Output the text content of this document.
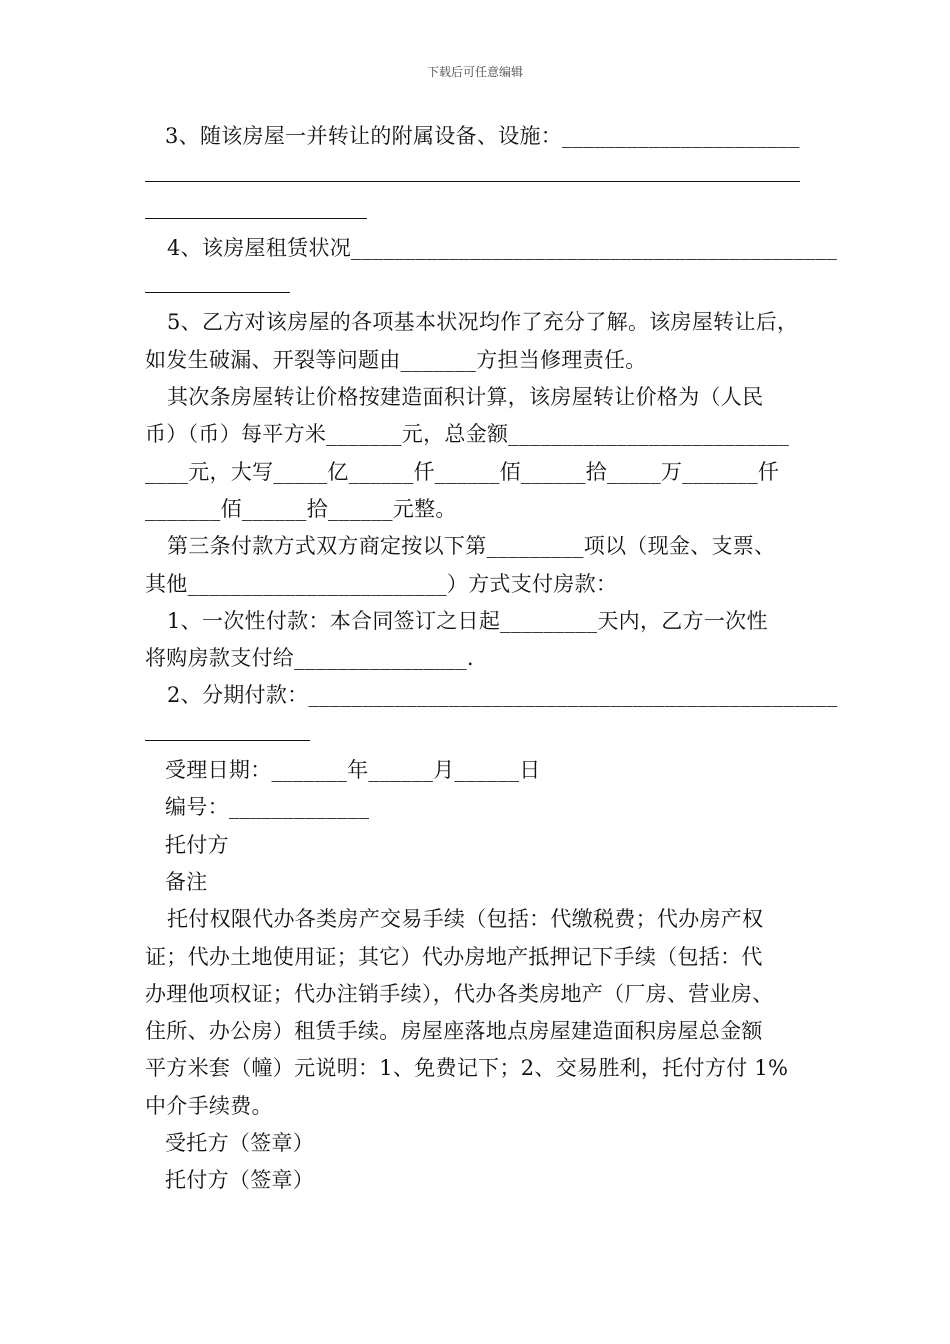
下载后可任意编辑
3、随该房屋一并转让的附属设备、设施：______________________
4、该房屋租赁状况_____________________________________________
5、乙方对该房屋的各项基本状况均作了充分了解。该房屋转让后，
如发生破漏、开裂等问题由_______方担当修理责任。
其次条房屋转让价格按建造面积计算，该房屋转让价格为（人民
币）（币）每平方米_______元，总金额__________________________
____元，大写_____亿______仟______佰______拾_____万_______仟
_______佰______拾______元整。
第三条付款方式双方商定按以下第_________项以（现金、支票、
其他________________________）方式支付房款：
1、一次性付款：本合同签订之日起_________天内，乙方一次性
将购房款支付给________________.
2、分期付款：_________________________________________________
受理日期：_______年______月______日
编号：_____________
托付方
备注
托付权限代办各类房产交易手续（包括：代缴税费；代办房产权
证；代办土地使用证；其它）代办房地产抵押记下手续（包括：代
办理他项权证；代办注销手续），代办各类房地产（厂房、营业房、
住所、办公房）租赁手续。房屋座落地点房屋建造面积房屋总金额
平方米套（幢）元说明：1、免费记下；2、交易胜利，托付方付 1%
中介手续费。
受托方（签章）
托付方（签章）
